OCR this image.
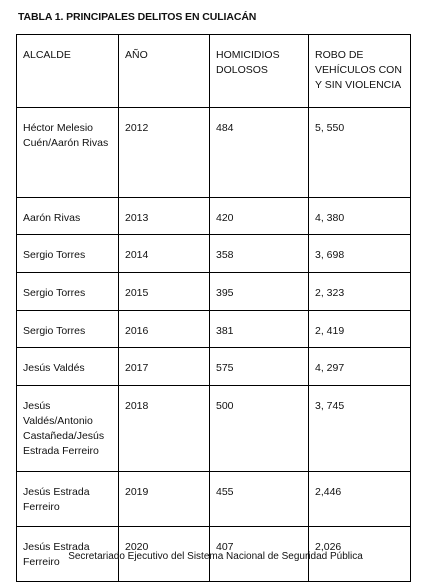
TABLA 1. PRINCIPALES DELITOS EN CULIACÁN
ALCALDE	AÑO	HOMICIDIOS DOLOSOS	ROBO DE VEHÍCULOS CON Y SIN VIOLENCIA
Héctor Melesio Cuén/Aarón Rivas	2012	484	5, 550
Aarón Rivas	2013	420	4, 380
Sergio Torres	2014	358	3, 698
Sergio Torres	2015	395	2, 323
Sergio Torres	2016	381	2, 419
Jesús Valdés	2017	575	4, 297
Jesús Valdés/Antonio Castañeda/Jesús Estrada Ferreiro	2018	500	3, 745
Jesús Estrada Ferreiro	2019	455	2,446
Jesús Estrada Ferreiro	2020	407	2,026
Secretariado Ejecutivo del Sistema Nacional de Seguridad Pública
